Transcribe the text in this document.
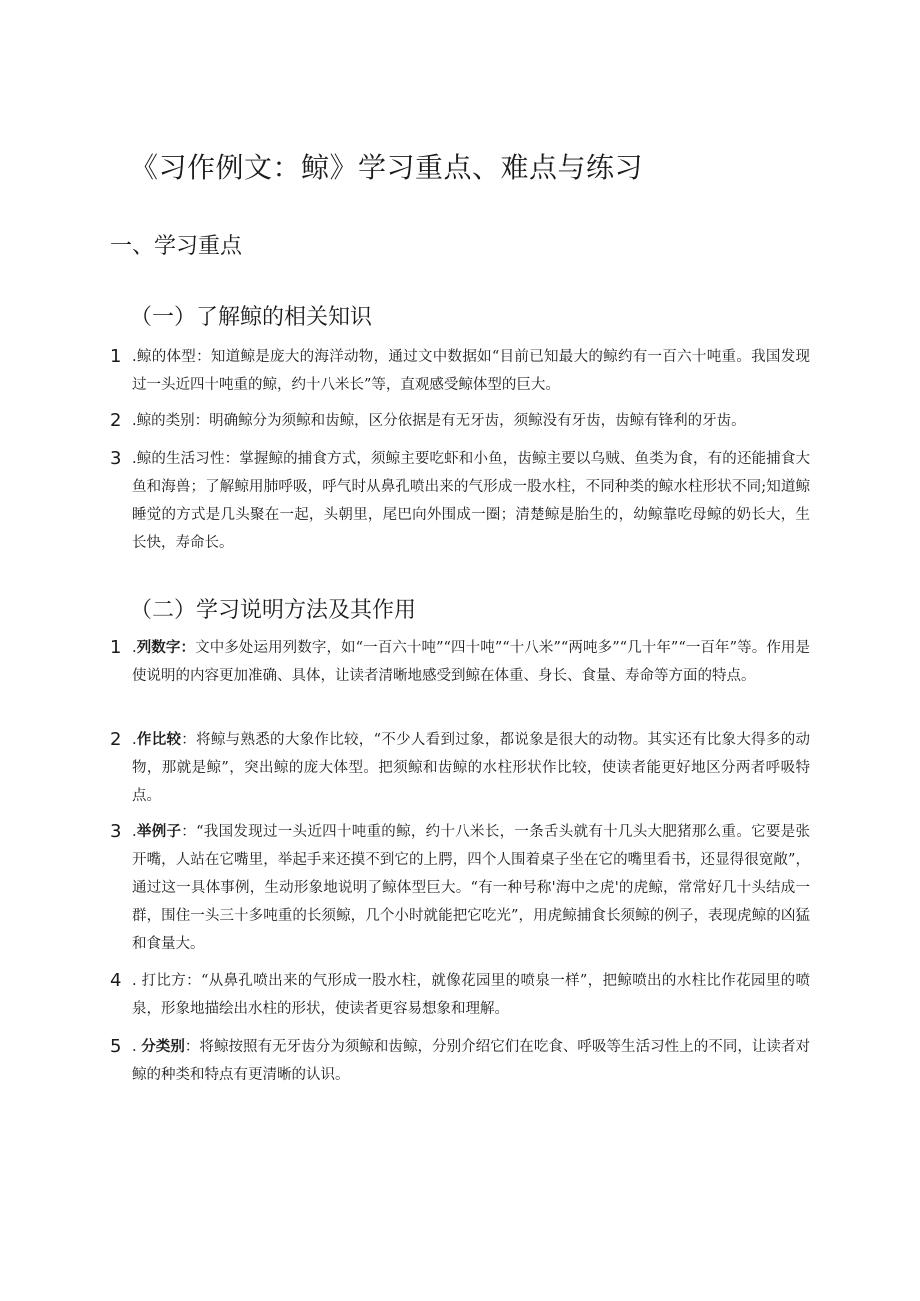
《习作例文：鲸》学习重点、难点与练习
一、学习重点
（一）了解鲸的相关知识
1 .鲸的体型：知道鲸是庞大的海洋动物，通过文中数据如“目前已知最大的鲸约有一百六十吨重。我国发现过一头近四十吨重的鲸，约十八米长”等，直观感受鲸体型的巨大。
2 .鲸的类别：明确鲸分为须鲸和齿鲸，区分依据是有无牙齿，须鲸没有牙齿，齿鲸有锋利的牙齿。
3 .鲸的生活习性：掌握鲸的捕食方式，须鲸主要吃虾和小鱼，齿鲸主要以乌贼、鱼类为食，有的还能捕食大鱼和海兽；了解鲸用肺呼吸，呼气时从鼻孔喷出来的气形成一股水柱，不同种类的鲸水柱形状不同;知道鲸睡觉的方式是几头聚在一起，头朝里，尾巴向外围成一圈；清楚鲸是胎生的，幼鲸靠吃母鲸的奶长大，生长快，寿命长。
（二）学习说明方法及其作用
1 .列数字：文中多处运用列数字，如“一百六十吨”“四十吨”“十八米”“两吨多”“几十年”“一百年”等。作用是使说明的内容更加准确、具体，让读者清晰地感受到鲸在体重、身长、食量、寿命等方面的特点。
2 .作比较：将鲸与熟悉的大象作比较，“不少人看到过象，都说象是很大的动物。其实还有比象大得多的动物，那就是鲸”，突出鲸的庞大体型。把须鲸和齿鲸的水柱形状作比较，使读者能更好地区分两者呼吸特点。
3 .举例子：“我国发现过一头近四十吨重的鲸，约十八米长，一条舌头就有十几头大肥猪那么重。它要是张开嘴，人站在它嘴里，举起手来还摸不到它的上腭，四个人围着桌子坐在它的嘴里看书，还显得很宽敞”，通过这一具体事例，生动形象地说明了鲸体型巨大。“有一种号称'海中之虎'的虎鲸，常常好几十头结成一群，围住一头三十多吨重的长须鲸，几个小时就能把它吃光”，用虎鲸捕食长须鲸的例子，表现虎鲸的凶猛和食量大。
4 . 打比方：“从鼻孔喷出来的气形成一股水柱，就像花园里的喷泉一样”，把鲸喷出的水柱比作花园里的喷泉，形象地描绘出水柱的形状，使读者更容易想象和理解。
5 . 分类别：将鲸按照有无牙齿分为须鲸和齿鲸，分别介绍它们在吃食、呼吸等生活习性上的不同，让读者对鲸的种类和特点有更清晰的认识。
